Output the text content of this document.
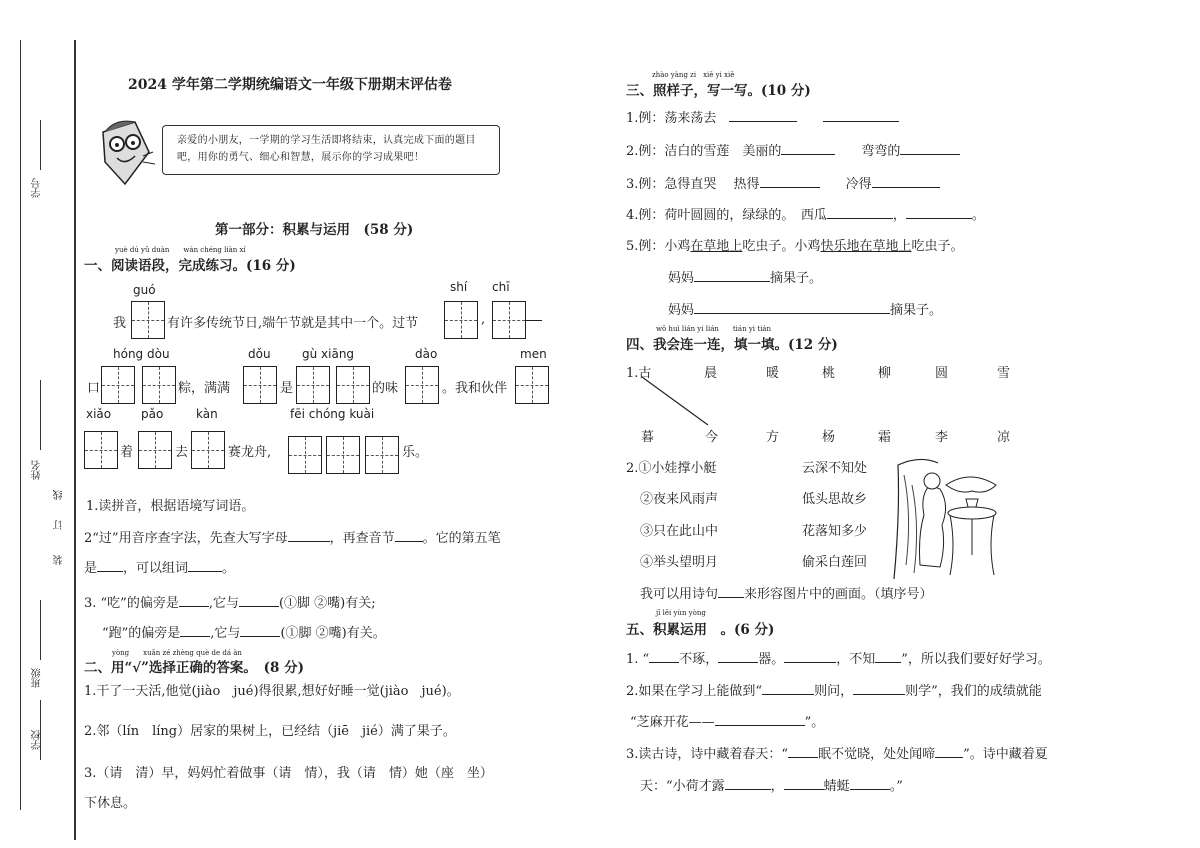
学号
姓名
线
订
装
班级
学校
2024 学年第二学期统编语文一年级下册期末评估卷
亲爱的小朋友，一学期的学习生活即将结束，认真完成下面的题目吧，用你的勇气、细心和智慧，展示你的学习成果吧！
第一部分：积累与运用　(58 分)
yuè dú yǔ duàn　　wán chéng liàn xí
一、阅读语段，完成练习。(16 分)
guó	shí chī
我	有许多传统节日,端午节就是其中一个。过节	,
hóng dòu	dǒu	gù xiāng	dào	men
口	粽，满满	是	的味	。我和伙伴
xiǎo pǎo	kàn	fēi chóng kuài
着	去	赛龙舟,	乐。
1.读拼音，根据语境写词语。
2“过”用音序查字法，先查大写字母	，再查音节 。它的第五笔
是 ，可以组词	。
3. “吃”的偏旁是 ,它与	(①脚 ②嘴)有关;
“跑”的偏旁是 ,它与	(①脚 ②嘴)有关。
yòng　　xuǎn zé zhèng què de dá àn
二、用“√”选择正确的答案。　(8 分)
1.干了一天活,他觉(jiào　jué)得很累,想好好睡一觉(jiào　jué)。
2.邻（lín　líng）居家的果树上，已经结（jiē　jié）满了果子。
3.（请　清）早，妈妈忙着做事（请　情），我（请　情）她（座　坐）
下休息。
zhào yàng zi　xiě yi xiě
三、照样子，写一写。(10 分)
1.例：荡来荡去　　　
2.例：洁白的雪莲　美丽的　　	弯弯的
3.例：急得直哭　 热得　　	冷得
4.例：荷叶圆圆的，绿绿的。　西瓜	，	。
5.例：小鸡在草地上吃虫子。小鸡快乐地在草地上吃虫子。
妈妈	摘果子。
妈妈	摘果子。
wǒ huì lián yi lián　　tián yi tián
四、我会连一连，填一填。(12 分)
1.古	晨	暖	桃	柳	圆	雪
暮	今	方	杨	霜	李	凉
2.①小娃撑小艇
②夜来风雨声
③只在此山中
④举头望明月
云深不知处
低头思故乡
花落知多少
偷采白莲回
我可以用诗句 来形容图片中的画面。（填序号）
jī lěi yùn yòng
五、积累运用　。(6 分)
1. “ 不琢，	器。	，不知 ”，所以我们要好好学习。
2.如果在学习上能做到“	则问，	则学”，我们的成绩就能
“芝麻开花——	”。
3.读古诗，诗中藏着春天：“ 眠不觉晓，处处闻啼 ”。诗中藏着夏
天：“小荷才露	，	蜻蜓	。”
